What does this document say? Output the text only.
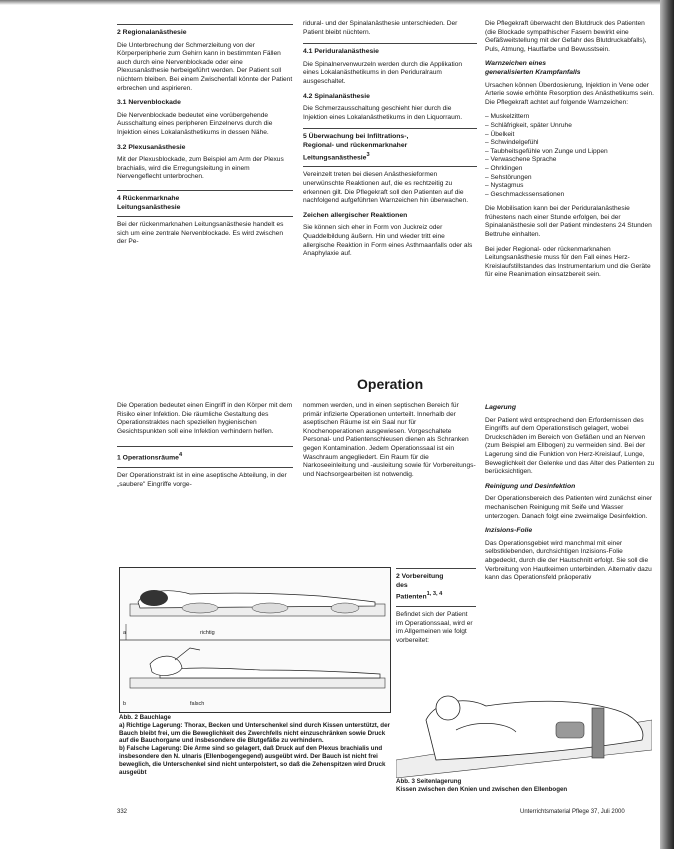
2 Regionalanästhesie

Die Unterbrechung der Schmerzleitung von der Körperperipherie zum Gehirn kann in bestimmten Fällen auch durch eine Nervenblockade oder eine Plexusanästhesie herbeigeführt werden. Der Patient soll nüchtern bleiben. Bei einem Zwischenfall könnte der Patient erbrechen und aspirieren.

3.1 Nervenblockade

Die Nervenblockade bedeutet eine vorübergehende Ausschaltung eines peripheren Einzelnervs durch die Injektion eines Lokalanästhetikums in dessen Nähe.

3.2 Plexusanästhesie

Mit der Plexusblockade, zum Beispiel am Arm der Plexus brachialis, wird die Erregungsleitung in einem Nervengeflecht unterbrochen.

4 Rückenmarknahe
Leitungsanästhesie

Bei der rückenmarknahen Leitungsanästhesie handelt es sich um eine zentrale Nervenblockade. Es wird zwischen der Pe-

ridural- und der Spinalanästhesie unterschieden. Der Patient bleibt nüchtern.

4.1 Periduralanästhesie

Die Spinalnervenwurzeln werden durch die Applikation eines Lokalanästhetikums in den Periduralraum ausgeschaltet.

4.2 Spinalanästhesie

Die Schmerzausschaltung geschieht hier durch die Injektion eines Lokalanästhetikums in den Liquorraum.

5 Überwachung bei Infiltrations-,
Regional- und rückenmarknaher
Leitungsanästhesie$^3$

Vereinzelt treten bei diesen Anästhesieformen unerwünschte Reaktionen auf, die es rechtzeitig zu erkennen gilt. Die Pflegekraft soll den Patienten auf die nachfolgend aufgeführten Warnzeichen hin überwachen.

Zeichen allergischer Reaktionen

Sie können sich eher in Form von Juckreiz oder Quaddelbildung äußern. Hin und wieder tritt eine allergische Reaktion in Form eines Asthmaanfalls oder als Anaphylaxie auf.

Die Pflegekraft überwacht den Blutdruck des Patienten (die Blockade sympathischer Fasern bewirkt eine Gefäßweitstellung mit der Gefahr des Blutdruckabfalls), Puls, Atmung, Hautfarbe und Bewusstsein.

Warnzeichen eines
generalisierten Krampfanfalls

Ursachen können Überdosierung, Injektion in Vene oder Arterie sowie erhöhte Resorption des Anästhetikums sein. Die Pflegekraft achtet auf folgende Warnzeichen:

– Muskelzittern
– Schläfrigkeit, später Unruhe
– Übelkeit
– Schwindelgefühl
– Taubheitsgefühle von Zunge und Lippen
– Verwaschene Sprache
– Ohrklingen
– Sehstörungen
– Nystagmus
– Geschmackssensationen

Die Mobilisation kann bei der Periduralanästhesie frühestens nach einer Stunde erfolgen, bei der Spinalanästhesie soll der Patient mindestens 24 Stunden Bettruhe einhalten.

Bei jeder Regional- oder rückenmarknahen Leitungsanästhesie muss für den Fall eines Herz-Kreislaufstillstandes das Instrumentarium und die Geräte für eine Reanimation einsatzbereit sein.

Operation

Die Operation bedeutet einen Eingriff in den Körper mit dem Risiko einer Infektion. Die räumliche Gestaltung des Operationstraktes nach speziellen hygienischen Gesichtspunkten soll eine Infektion verhindern helfen.

1 Operationsräume$^4$

Der Operationstrakt ist in eine aseptische Abteilung, in der „saubere" Eingriffe vorge-

nommen werden, und in einen septischen Bereich für primär infizierte Operationen unterteilt. Innerhalb der aseptischen Räume ist ein Saal nur für Knochenoperationen ausgewiesen. Vorgeschaltete Personal- und Patientenschleusen dienen als Schranken gegen Kontamination. Jedem Operationssaal ist ein Waschraum angegliedert. Ein Raum für die Narkoseeinleitung und -ausleitung sowie für Vorbereitungs- und Nachsorgearbeiten ist notwendig.

Lagerung

Der Patient wird entsprechend den Erfordernissen des Eingriffs auf dem Operationstisch gelagert, wobei Druckschäden im Bereich von Gefäßen und an Nerven (zum Beispiel am Ellbogen) zu vermeiden sind. Bei der Lagerung sind die Funktion von Herz-Kreislauf, Lunge, Beweglichkeit der Gelenke und das Alter des Patienten zu berücksichtigen.

Reinigung und Desinfektion

Der Operationsbereich des Patienten wird zunächst einer mechanischen Reinigung mit Seife und Wasser unterzogen. Danach folgt eine zweimalige Desinfektion.

Inzisions-Folie

Das Operationsgebiet wird manchmal mit einer selbstklebenden, durchsichtigen Inzisions-Folie abgedeckt, durch die der Hautschnitt erfolgt. Sie soll die Verbreitung von Hautkeimen unterbinden. Alternativ dazu kann das Operationsfeld präoperativ

2 Vorbereitung
des
Patienten$^{1, 3, 4}$

Befindet sich der Patient im Operationssaal, wird er im Allgemeinen wie folgt vorbereitet:

a	richtig
b	falsch
Abb. 2 Bauchlage
a) Richtige Lagerung: Thorax, Becken und Unterschenkel sind durch Kissen unterstützt, der Bauch bleibt frei, um die Beweglichkeit des Zwerchfells nicht einzuschränken sowie Druck auf die Bauchorgane und insbesondere die Blutgefäße zu verhindern.
b) Falsche Lagerung: Die Arme sind so gelagert, daß Druck auf den Plexus brachialis und insbesondere den N. ulnaris (Ellenbogengegend) ausgeübt wird. Der Bauch ist nicht frei beweglich, die Unterschenkel sind nicht unterpolstert, so daß die Zehenspitzen wird Druck ausgeübt
Abb. 3 Seitenlagerung
Kissen zwischen den Knien und zwischen den Ellenbogen
332	Unterrichtsmaterial Pflege 37, Juli 2000
